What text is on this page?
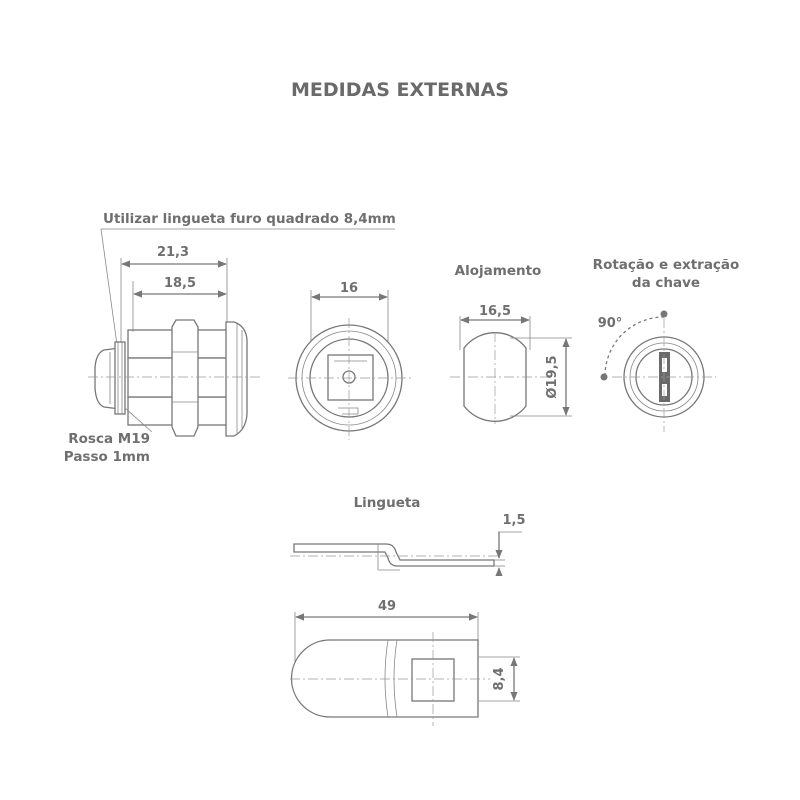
MEDIDAS EXTERNAS
Utilizar lingueta furo quadrado 8,4mm
21,3
18,5
Rosca M19
Passo 1mm
16
Alojamento
16,5
Ø19,5
Rotação e extração
da chave
90°
Lingueta
1,5
49
8,4
